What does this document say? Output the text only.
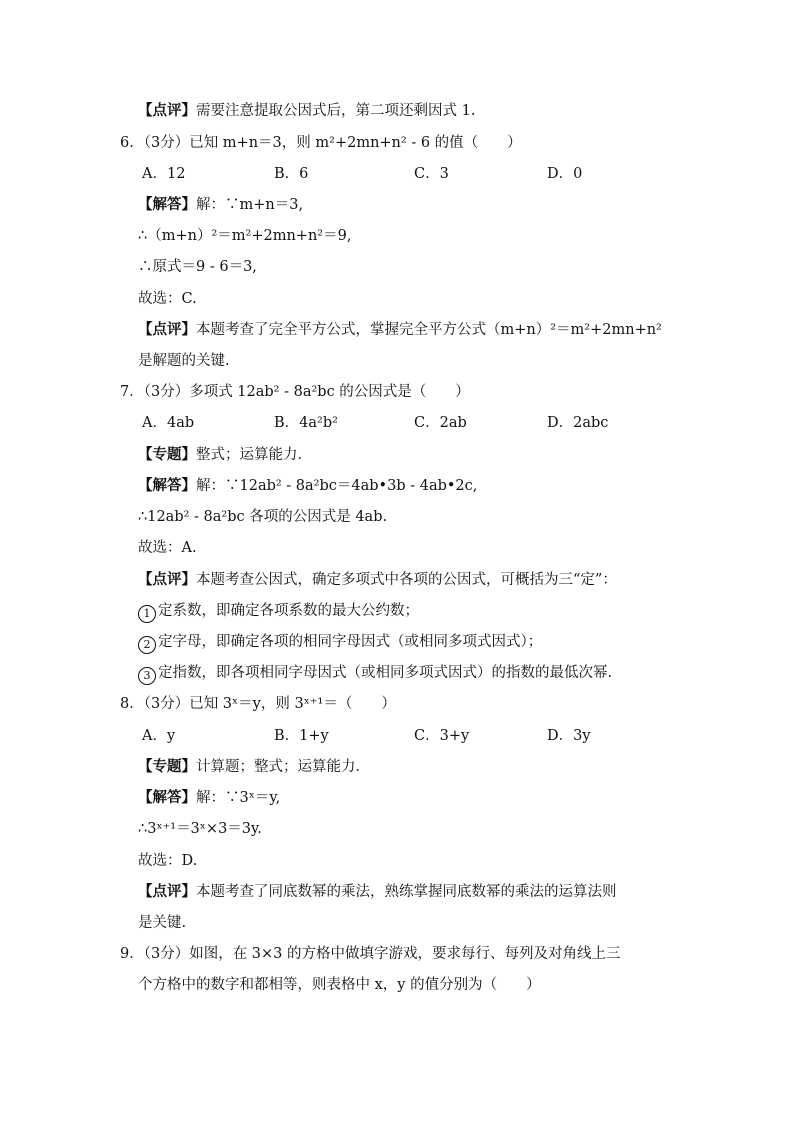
【点评】需要注意提取公因式后，第二项还剩因式 1.
6．（3分）已知 m+n＝3，则 m²+2mn+n² - 6 的值（　　）
A．12	B．6	C．3	D．0
【解答】解：∵m+n＝3,
∴（m+n）²＝m²+2mn+n²＝9,
∴原式＝9 - 6＝3,
故选：C.
【点评】本题考查了完全平方公式，掌握完全平方公式（m+n）²＝m²+2mn+n²
是解题的关键.
7．（3分）多项式 12ab² - 8a²bc 的公因式是（　　）
A．4ab	B．4a²b²	C．2ab	D．2abc
【专题】整式；运算能力．
【解答】解：∵12ab² - 8a²bc＝4ab•3b - 4ab•2c,
∴12ab² - 8a²bc 各项的公因式是 4ab.
故选：A.
【点评】本题考查公因式，确定多项式中各项的公因式，可概括为三“定”：
1 定系数，即确定各项系数的最大公约数；
2 定字母，即确定各项的相同字母因式（或相同多项式因式）；
3 定指数，即各项相同字母因式（或相同多项式因式）的指数的最低次幂.
8．（3分）已知 3ˣ＝y，则 3ˣ⁺¹＝（　　）
A．y	B．1+y	C．3+y	D．3y
【专题】计算题；整式；运算能力．
【解答】解：∵3ˣ＝y,
∴3ˣ⁺¹＝3ˣ×3＝3y.
故选：D.
【点评】本题考查了同底数幂的乘法，熟练掌握同底数幂的乘法的运算法则
是关键.
9．（3分）如图，在 3×3 的方格中做填字游戏，要求每行、每列及对角线上三
个方格中的数字和都相等，则表格中 x，y 的值分别为（　　）
